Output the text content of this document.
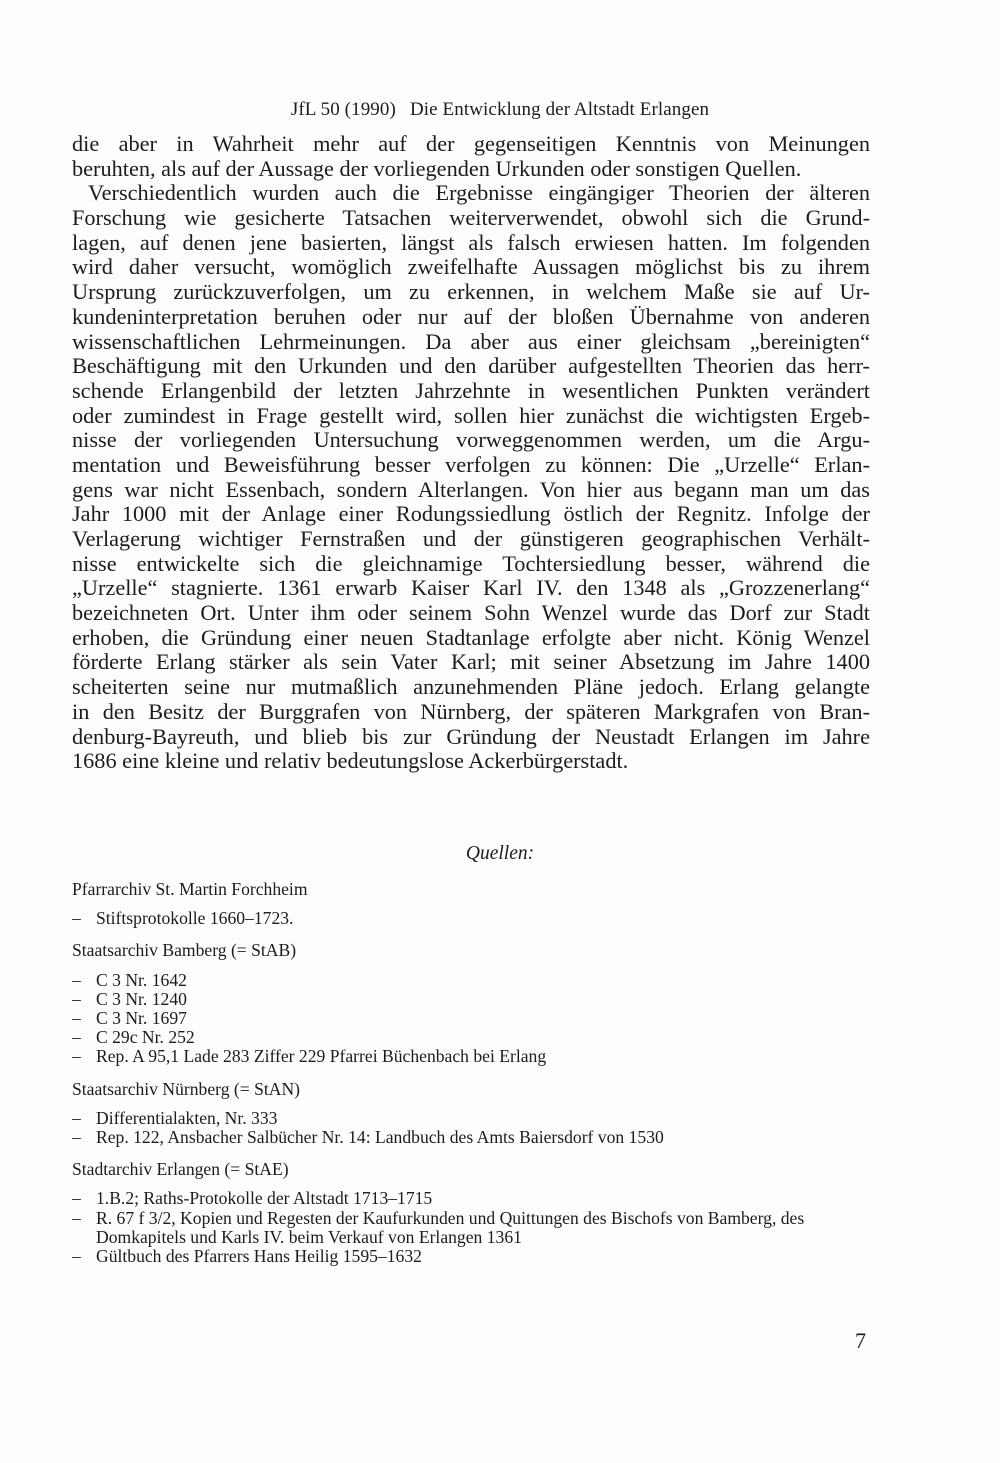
JfL 50 (1990) Die Entwicklung der Altstadt Erlangen
die aber in Wahrheit mehr auf der gegenseitigen Kenntnis von Meinungen
beruhten, als auf der Aussage der vorliegenden Urkunden oder sonstigen Quellen.
Verschiedentlich wurden auch die Ergebnisse eingängiger Theorien der älteren
Forschung wie gesicherte Tatsachen weiterverwendet, obwohl sich die Grund-
lagen, auf denen jene basierten, längst als falsch erwiesen hatten. Im folgenden
wird daher versucht, womöglich zweifelhafte Aussagen möglichst bis zu ihrem
Ursprung zurückzuverfolgen, um zu erkennen, in welchem Maße sie auf Ur-
kundeninterpretation beruhen oder nur auf der bloßen Übernahme von anderen
wissenschaftlichen Lehrmeinungen. Da aber aus einer gleichsam „bereinigten“
Beschäftigung mit den Urkunden und den darüber aufgestellten Theorien das herr-
schende Erlangenbild der letzten Jahrzehnte in wesentlichen Punkten verändert
oder zumindest in Frage gestellt wird, sollen hier zunächst die wichtigsten Ergeb-
nisse der vorliegenden Untersuchung vorweggenommen werden, um die Argu-
mentation und Beweisführung besser verfolgen zu können: Die „Urzelle“ Erlan-
gens war nicht Essenbach, sondern Alterlangen. Von hier aus begann man um das
Jahr 1000 mit der Anlage einer Rodungssiedlung östlich der Regnitz. Infolge der
Verlagerung wichtiger Fernstraßen und der günstigeren geographischen Verhält-
nisse entwickelte sich die gleichnamige Tochtersiedlung besser, während die
„Urzelle“ stagnierte. 1361 erwarb Kaiser Karl IV. den 1348 als „Grozzenerlang“
bezeichneten Ort. Unter ihm oder seinem Sohn Wenzel wurde das Dorf zur Stadt
erhoben, die Gründung einer neuen Stadtanlage erfolgte aber nicht. König Wenzel
förderte Erlang stärker als sein Vater Karl; mit seiner Absetzung im Jahre 1400
scheiterten seine nur mutmaßlich anzunehmenden Pläne jedoch. Erlang gelangte
in den Besitz der Burggrafen von Nürnberg, der späteren Markgrafen von Bran-
denburg-Bayreuth, und blieb bis zur Gründung der Neustadt Erlangen im Jahre
1686 eine kleine und relativ bedeutungslose Ackerbürgerstadt.
Quellen:
Pfarrarchiv St. Martin Forchheim
– Stiftsprotokolle 1660–1723.
Staatsarchiv Bamberg (= StAB)
– C 3 Nr. 1642
– C 3 Nr. 1240
– C 3 Nr. 1697
– C 29c Nr. 252
– Rep. A 95,1 Lade 283 Ziffer 229 Pfarrei Büchenbach bei Erlang
Staatsarchiv Nürnberg (= StAN)
– Differentialakten, Nr. 333
– Rep. 122, Ansbacher Salbücher Nr. 14: Landbuch des Amts Baiersdorf von 1530
Stadtarchiv Erlangen (= StAE)
– 1.B.2; Raths-Protokolle der Altstadt 1713–1715
– R. 67 f 3/2, Kopien und Regesten der Kaufurkunden und Quittungen des Bischofs von Bamberg, des Domkapitels und Karls IV. beim Verkauf von Erlangen 1361
– Gültbuch des Pfarrers Hans Heilig 1595–1632
7
